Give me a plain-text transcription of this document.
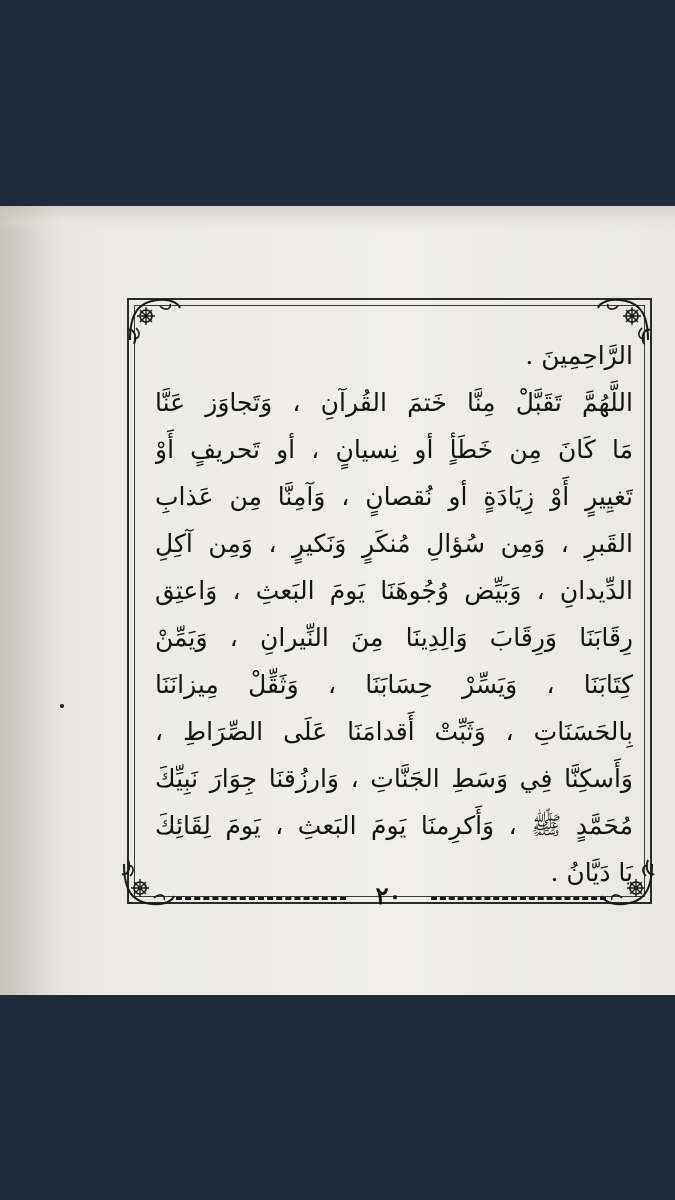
الرَّاحِمِينَ .
اللَّهُمَّ تَقَبَّلْ مِنَّا خَتمَ القُرآنِ ، وَتَجاوَز عَنَّا
مَا كَانَ مِن خَطَأٍ أو نِسيانٍ ، أو تَحريفٍ أَوْ
تَغيِيرٍ أَوْ زِيَادَةٍ أو نُقصانٍ ، وَآمِنَّا مِن عَذابِ
القَبرِ ، وَمِن سُؤالِ مُنكَرٍ وَنَكيرٍ ، وَمِن آكِلِ
الدِّيدانِ ، وَبَيِّض وُجُوهَنَا يَومَ البَعثِ ، وَاعتِق
رِقَابَنَا وَرِقَابَ وَالِدِينَا مِنَ النِّيرانِ ، وَيَمِّنْ
كِتَابَنَا ، وَيَسِّرْ حِسَابَنَا ، وَثَقِّلْ مِيزانَنَا
بِالحَسَنَاتِ ، وَثَبِّتْ أَقدامَنَا عَلَى الصِّرَاطِ ،
وَأَسكِنَّا فِي وَسَطِ الجَنَّاتِ ، وَارزُقنَا جِوَارَ نَبِيِّكَ
مُحَمَّدٍ ﷺ ، وَأَكرِمنَا يَومَ البَعثِ ، يَومَ لِقَائِكَ
يَا دَيَّانُ .
٢٠
